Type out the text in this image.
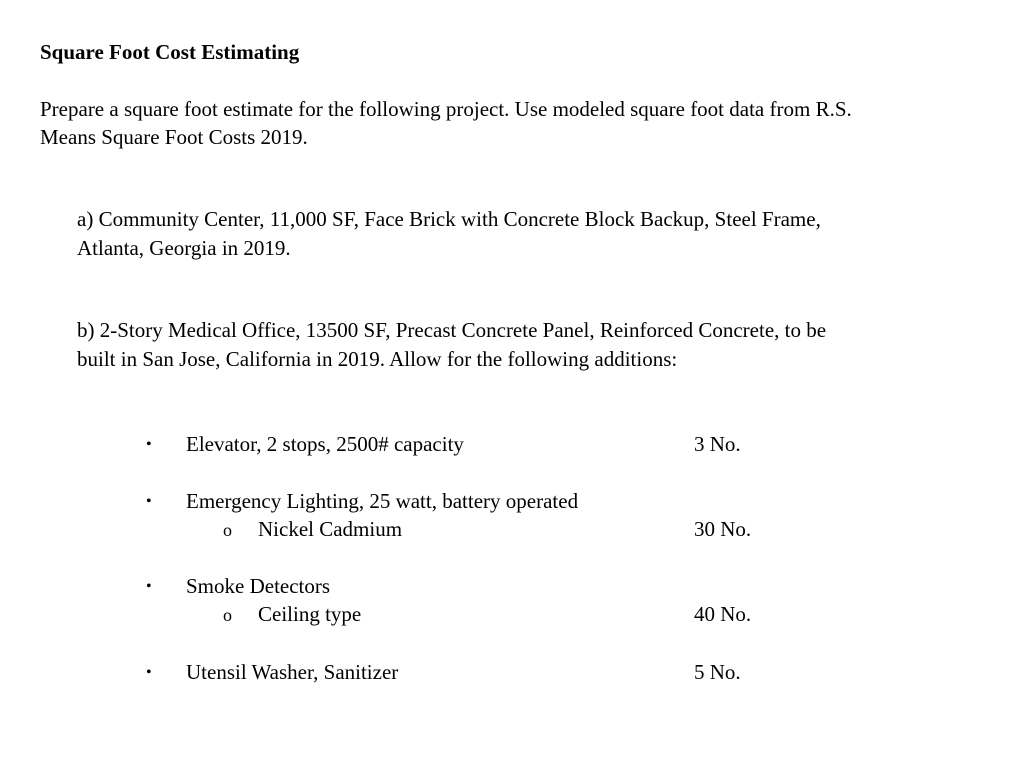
Square Foot Cost Estimating
Prepare a square foot estimate for the following project. Use modeled square foot data from R.S.
Means Square Foot Costs 2019.
a) Community Center, 11,000 SF, Face Brick with Concrete Block Backup, Steel Frame,
Atlanta, Georgia in 2019.
b) 2-Story Medical Office, 13500 SF, Precast Concrete Panel, Reinforced Concrete, to be
built in San Jose, California in 2019. Allow for the following additions:
• Elevator, 2 stops, 2500# capacity	3 No.
• Emergency Lighting, 25 watt, battery operated
o Nickel Cadmium	30 No.
• Smoke Detectors
o Ceiling type	40 No.
• Utensil Washer, Sanitizer	5 No.
